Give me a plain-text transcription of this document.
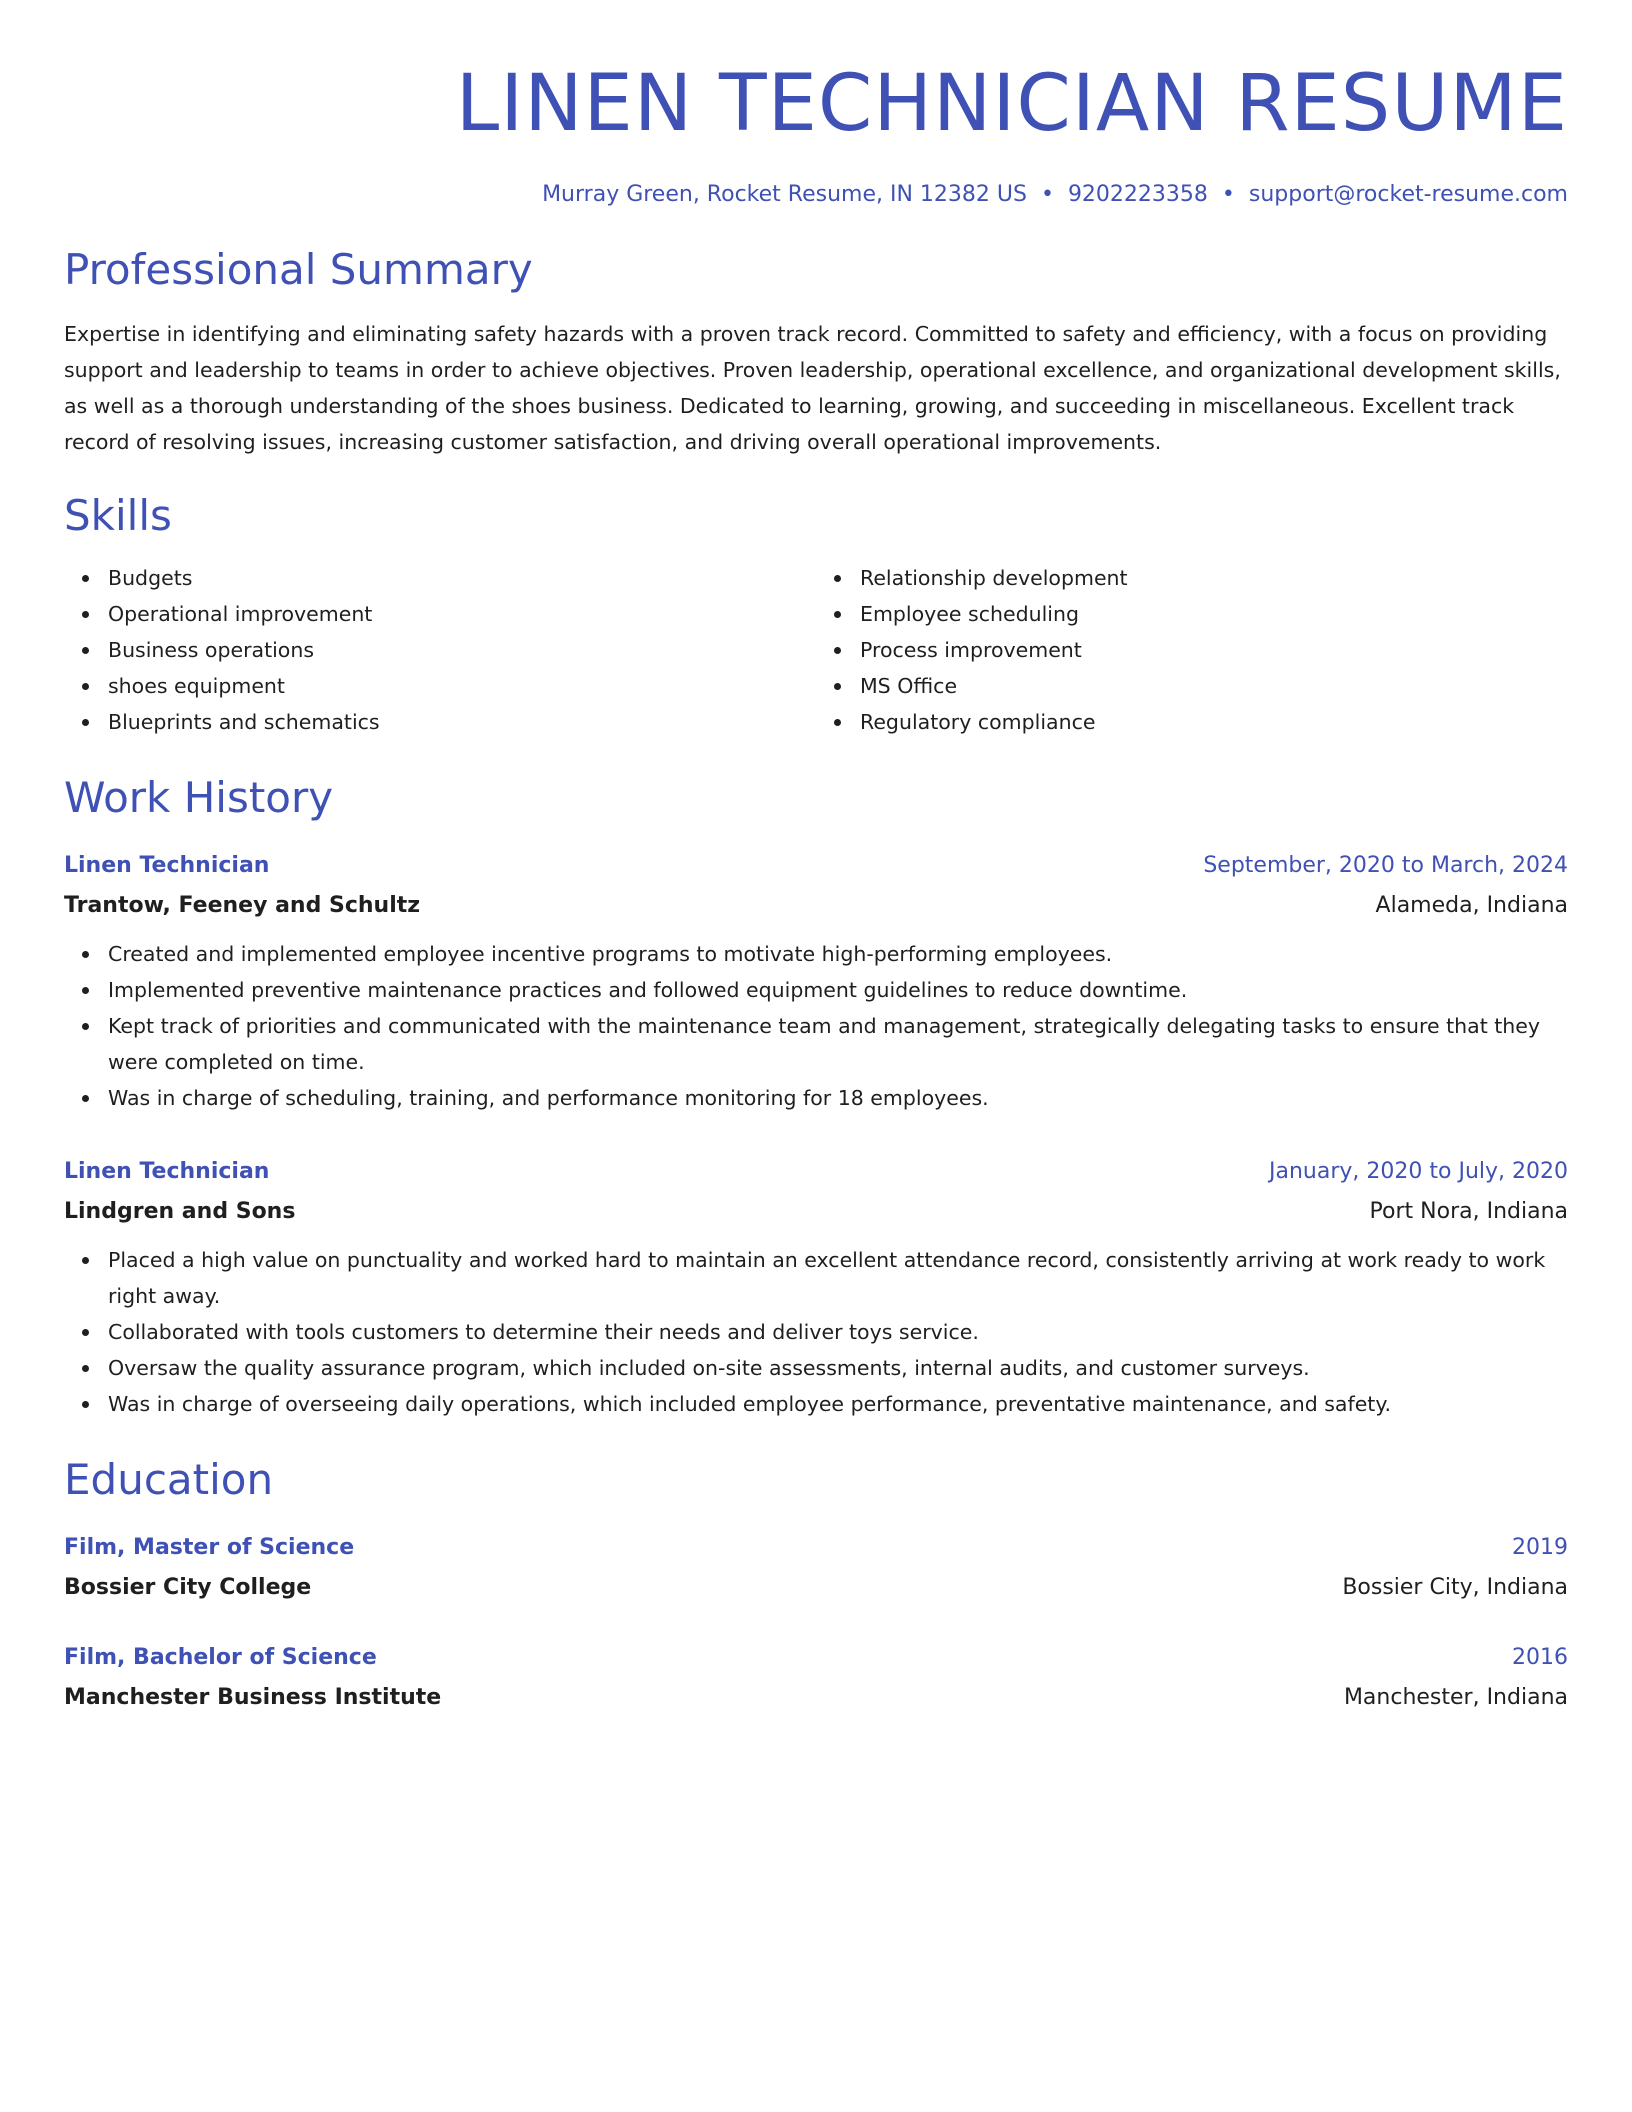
LINEN TECHNICIAN RESUME
Murray Green, Rocket Resume, IN 12382 US • 9202223358 • support@rocket-resume.com
Professional Summary

Expertise in identifying and eliminating safety hazards with a proven track record. Committed to safety and efficiency, with a focus on providing support and leadership to teams in order to achieve objectives. Proven leadership, operational excellence, and organizational development skills, as well as a thorough understanding of the shoes business. Dedicated to learning, growing, and succeeding in miscellaneous. Excellent track record of resolving issues, increasing customer satisfaction, and driving overall operational improvements.

Skills
Budgets
Operational improvement
Business operations
shoes equipment
Blueprints and schematics
Relationship development
Employee scheduling
Process improvement
MS Office
Regulatory compliance
Work History
Linen Technician	September, 2020 to March, 2024
Trantow, Feeney and Schultz	Alameda, Indiana
Created and implemented employee incentive programs to motivate high-performing employees.
Implemented preventive maintenance practices and followed equipment guidelines to reduce downtime.
Kept track of priorities and communicated with the maintenance team and management, strategically delegating tasks to ensure that they were completed on time.
Was in charge of scheduling, training, and performance monitoring for 18 employees.
Linen Technician	January, 2020 to July, 2020
Lindgren and Sons	Port Nora, Indiana
Placed a high value on punctuality and worked hard to maintain an excellent attendance record, consistently arriving at work ready to work right away.
Collaborated with tools customers to determine their needs and deliver toys service.
Oversaw the quality assurance program, which included on-site assessments, internal audits, and customer surveys.
Was in charge of overseeing daily operations, which included employee performance, preventative maintenance, and safety.
Education
Film, Master of Science	2019
Bossier City College	Bossier City, Indiana
Film, Bachelor of Science	2016
Manchester Business Institute	Manchester, Indiana
